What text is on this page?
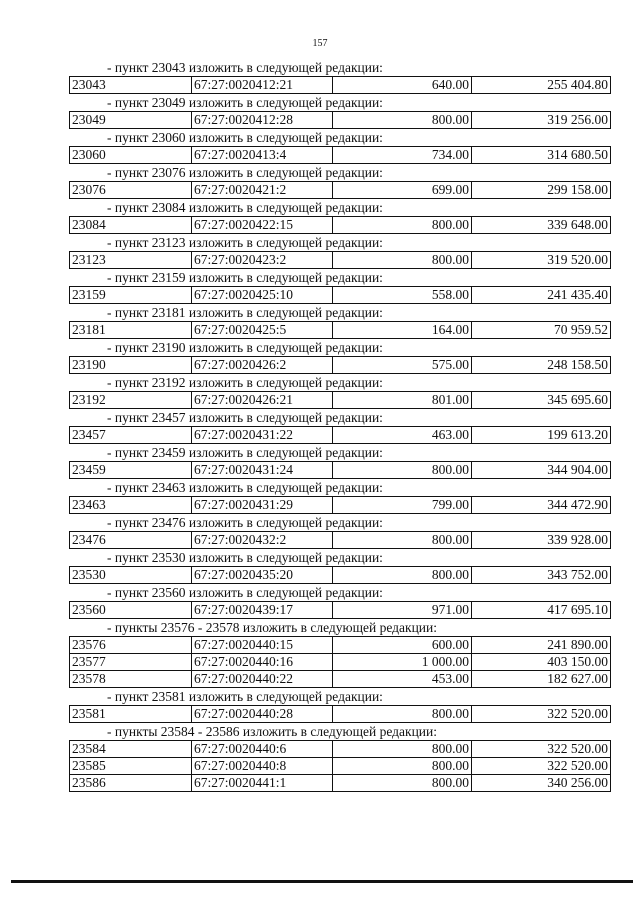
157
- пункт 23043 изложить в следующей редакции:
23043	67:27:0020412:21	640.00	255 404.80
- пункт 23049 изложить в следующей редакции:
23049	67:27:0020412:28	800.00	319 256.00
- пункт 23060 изложить в следующей редакции:
23060	67:27:0020413:4	734.00	314 680.50
- пункт 23076 изложить в следующей редакции:
23076	67:27:0020421:2	699.00	299 158.00
- пункт 23084 изложить в следующей редакции:
23084	67:27:0020422:15	800.00	339 648.00
- пункт 23123 изложить в следующей редакции:
23123	67:27:0020423:2	800.00	319 520.00
- пункт 23159 изложить в следующей редакции:
23159	67:27:0020425:10	558.00	241 435.40
- пункт 23181 изложить в следующей редакции:
23181	67:27:0020425:5	164.00	70 959.52
- пункт 23190 изложить в следующей редакции:
23190	67:27:0020426:2	575.00	248 158.50
- пункт 23192 изложить в следующей редакции:
23192	67:27:0020426:21	801.00	345 695.60
- пункт 23457 изложить в следующей редакции:
23457	67:27:0020431:22	463.00	199 613.20
- пункт 23459 изложить в следующей редакции:
23459	67:27:0020431:24	800.00	344 904.00
- пункт 23463 изложить в следующей редакции:
23463	67:27:0020431:29	799.00	344 472.90
- пункт 23476 изложить в следующей редакции:
23476	67:27:0020432:2	800.00	339 928.00
- пункт 23530 изложить в следующей редакции:
23530	67:27:0020435:20	800.00	343 752.00
- пункт 23560 изложить в следующей редакции:
23560	67:27:0020439:17	971.00	417 695.10
- пункты 23576 - 23578 изложить в следующей редакции:
23576	67:27:0020440:15	600.00	241 890.00
23577	67:27:0020440:16	1 000.00	403 150.00
23578	67:27:0020440:22	453.00	182 627.00
- пункт 23581 изложить в следующей редакции:
23581	67:27:0020440:28	800.00	322 520.00
- пункты 23584 - 23586 изложить в следующей редакции:
23584	67:27:0020440:6	800.00	322 520.00
23585	67:27:0020440:8	800.00	322 520.00
23586	67:27:0020441:1	800.00	340 256.00
